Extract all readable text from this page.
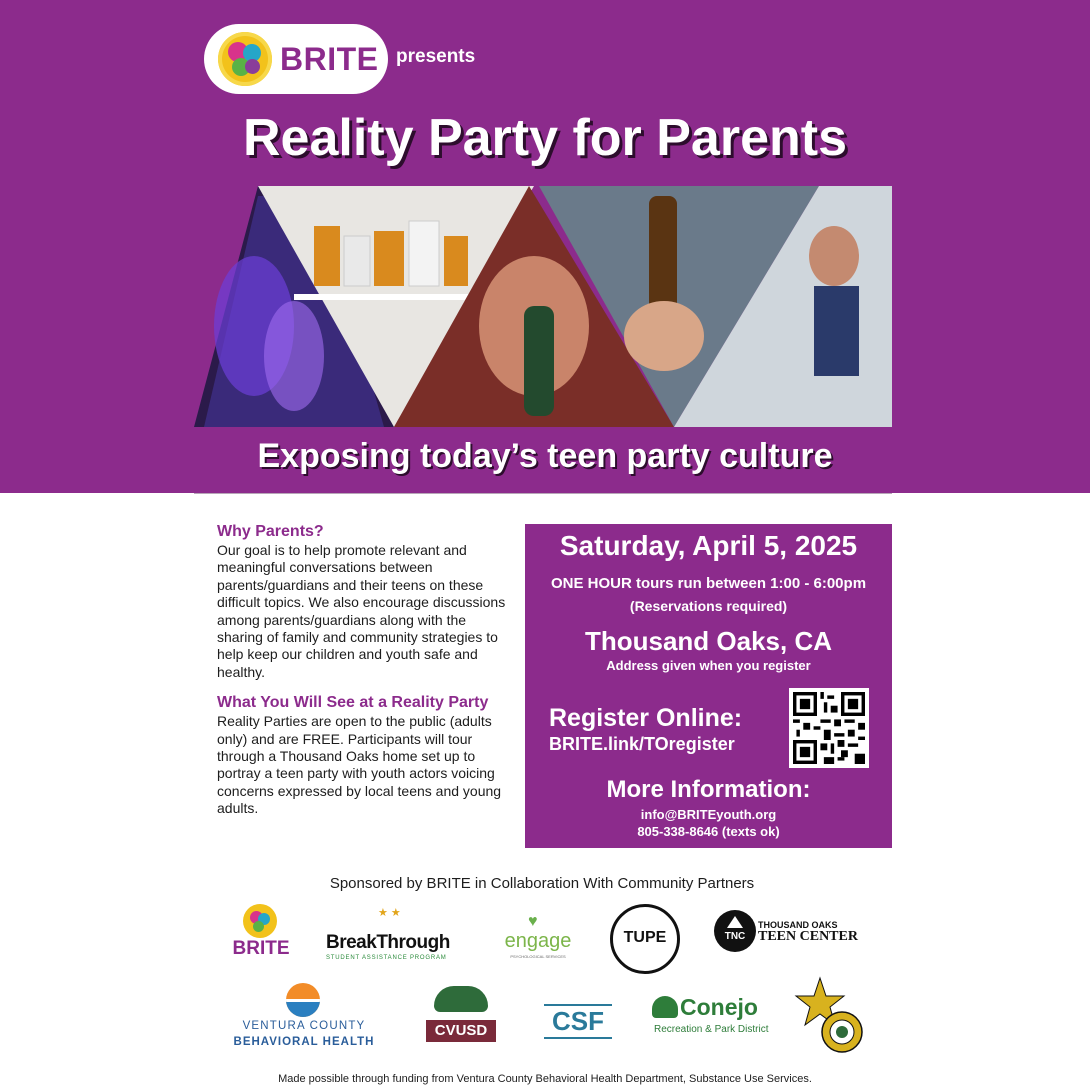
BRITE presents
Reality Party for Parents
Exposing today’s teen party culture
Why Parents?
Our goal is to help promote relevant and meaningful conversations between parents/guardians and their teens on these difficult topics. We also encourage discussions among parents/guardians along with the sharing of family and community strategies to help keep our children and youth safe and healthy.
What You Will See at a Reality Party
Reality Parties are open to the public (adults only) and are FREE. Participants will tour through a Thousand Oaks home set up to portray a teen party with youth actors voicing concerns expressed by local teens and young adults.
Saturday, April 5, 2025
ONE HOUR tours run between 1:00 - 6:00pm
(Reservations required)
Thousand Oaks, CA
Address given when you register
Register Online:
BRITE.link/TOregister
More Information:
info@BRITEyouth.org
805-338-8646 (texts ok)
Sponsored by BRITE in Collaboration With Community Partners
BRITE
★ ★
BreakThrough
STUDENT ASSISTANCE PROGRAM
♥
engage
PSYCHOLOGICAL SERVICES
TUPE	TNC
THOUSAND OAKS
TEEN CENTER
VENTURA COUNTY
BEHAVIORAL HEALTH
CVUSD	CSF	Conejo
Recreation & Park District
Made possible through funding from Ventura County Behavioral Health Department, Substance Use Services.
